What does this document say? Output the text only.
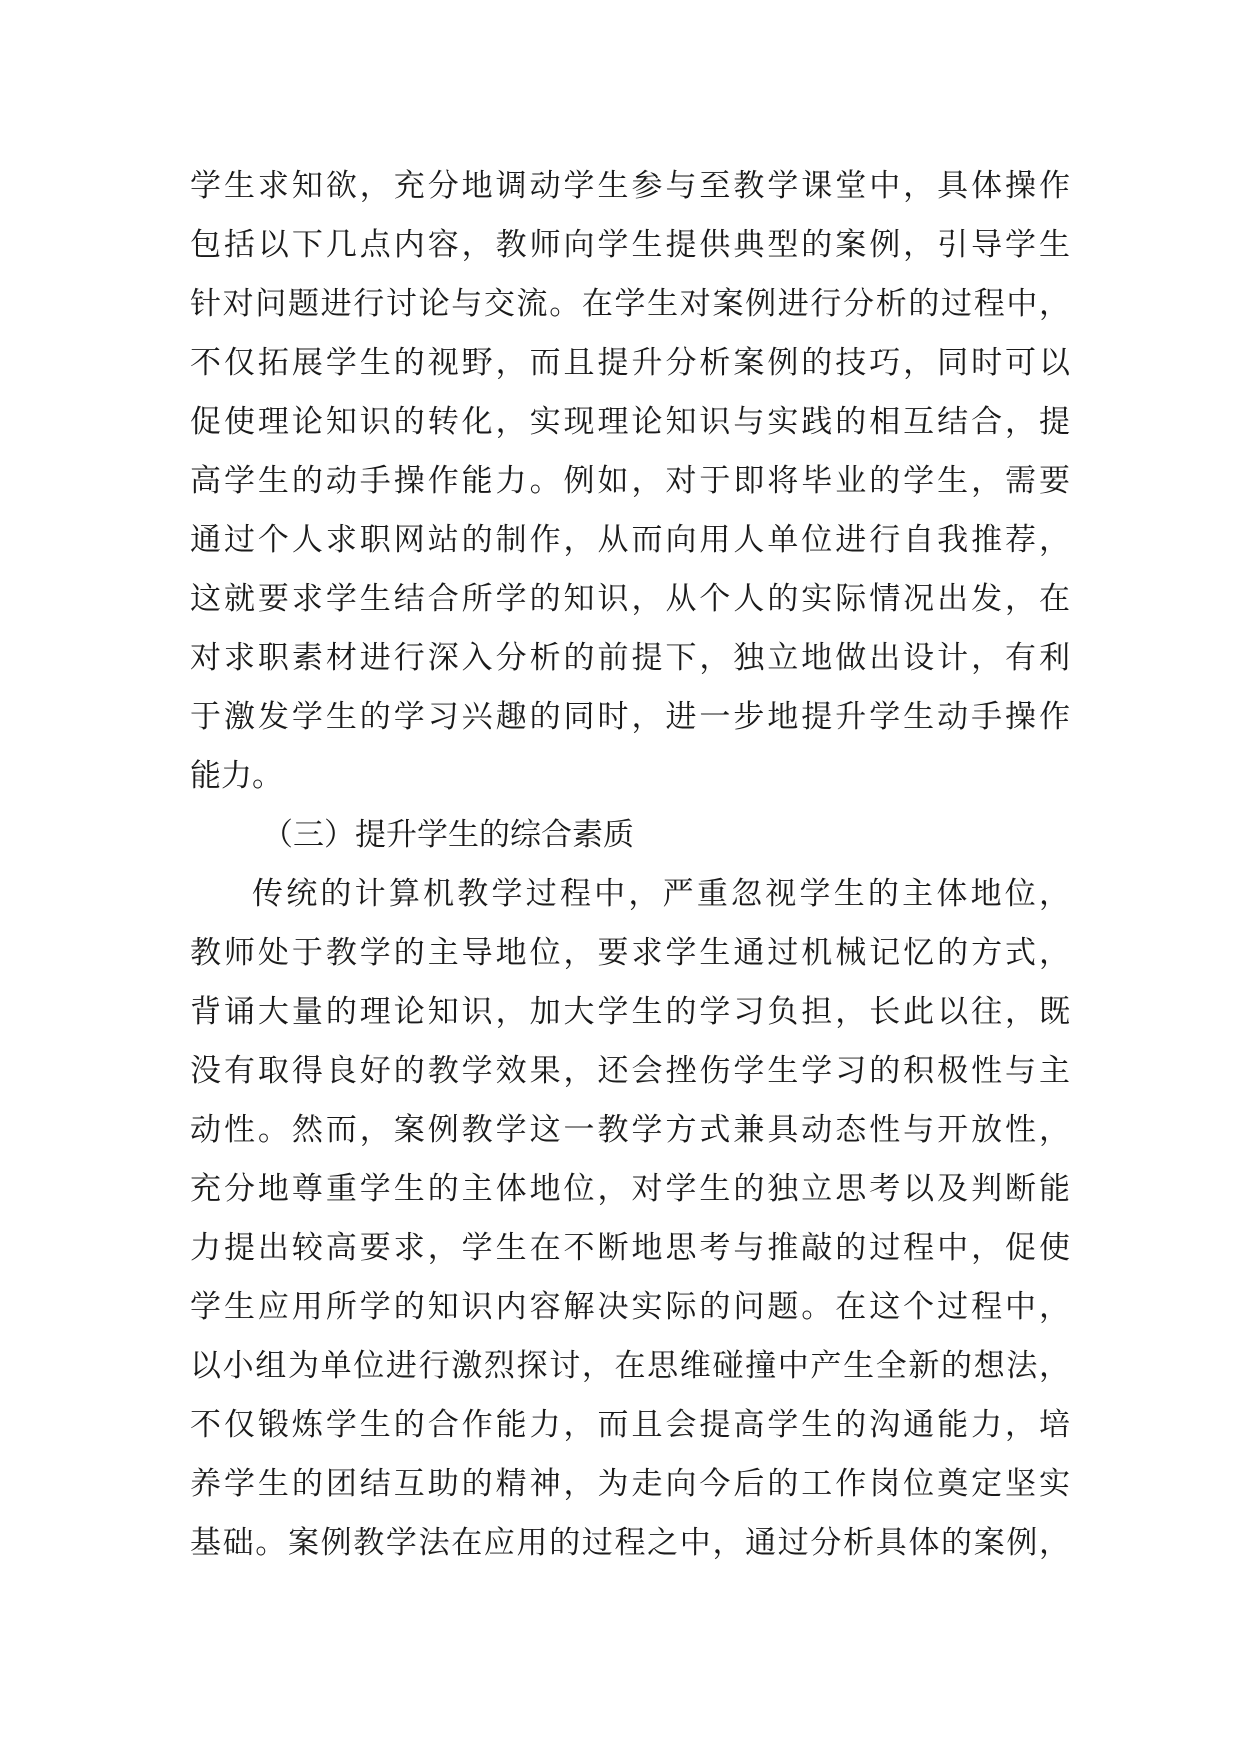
学生求知欲，充分地调动学生参与至教学课堂中，具体操作
包括以下几点内容，教师向学生提供典型的案例，引导学生
针对问题进行讨论与交流。在学生对案例进行分析的过程中，
不仅拓展学生的视野，而且提升分析案例的技巧，同时可以
促使理论知识的转化，实现理论知识与实践的相互结合，提
高学生的动手操作能力。例如，对于即将毕业的学生，需要
通过个人求职网站的制作，从而向用人单位进行自我推荐，
这就要求学生结合所学的知识，从个人的实际情况出发，在
对求职素材进行深入分析的前提下，独立地做出设计，有利
于激发学生的学习兴趣的同时，进一步地提升学生动手操作
能力。
（三）提升学生的综合素质
传统的计算机教学过程中，严重忽视学生的主体地位，
教师处于教学的主导地位，要求学生通过机械记忆的方式，
背诵大量的理论知识，加大学生的学习负担，长此以往，既
没有取得良好的教学效果，还会挫伤学生学习的积极性与主
动性。然而，案例教学这一教学方式兼具动态性与开放性，
充分地尊重学生的主体地位，对学生的独立思考以及判断能
力提出较高要求，学生在不断地思考与推敲的过程中，促使
学生应用所学的知识内容解决实际的问题。在这个过程中，
以小组为单位进行激烈探讨，在思维碰撞中产生全新的想法，
不仅锻炼学生的合作能力，而且会提高学生的沟通能力，培
养学生的团结互助的精神，为走向今后的工作岗位奠定坚实
基础。案例教学法在应用的过程之中，通过分析具体的案例，
